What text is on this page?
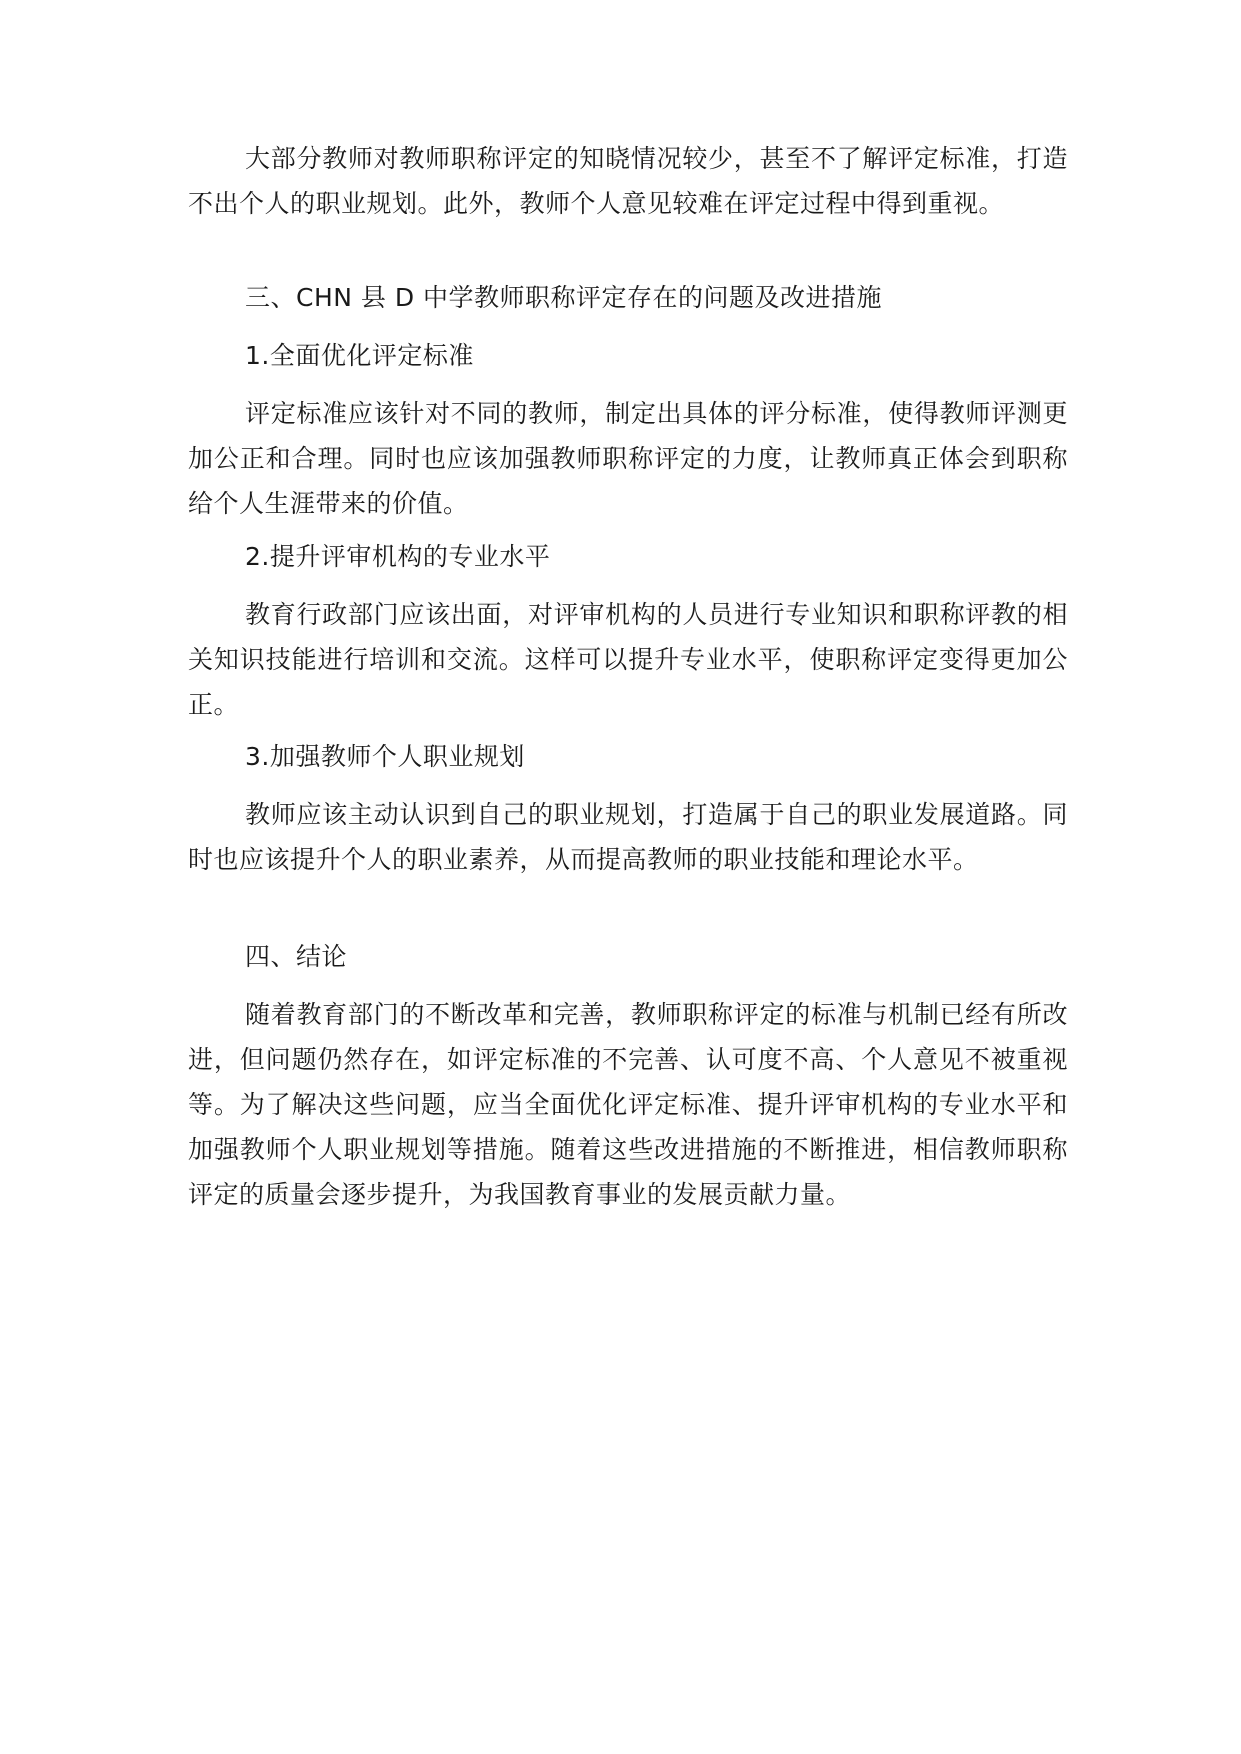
大部分教师对教师职称评定的知晓情况较少，甚至不了解评定标准，打造不出个人的职业规划。此外，教师个人意见较难在评定过程中得到重视。

三、CHN 县 D 中学教师职称评定存在的问题及改进措施

1.全面优化评定标准

评定标准应该针对不同的教师，制定出具体的评分标准，使得教师评测更加公正和合理。同时也应该加强教师职称评定的力度，让教师真正体会到职称给个人生涯带来的价值。

2.提升评审机构的专业水平

教育行政部门应该出面，对评审机构的人员进行专业知识和职称评教的相关知识技能进行培训和交流。这样可以提升专业水平，使职称评定变得更加公正。

3.加强教师个人职业规划

教师应该主动认识到自己的职业规划，打造属于自己的职业发展道路。同时也应该提升个人的职业素养，从而提高教师的职业技能和理论水平。

四、结论

随着教育部门的不断改革和完善，教师职称评定的标准与机制已经有所改进，但问题仍然存在，如评定标准的不完善、认可度不高、个人意见不被重视等。为了解决这些问题，应当全面优化评定标准、提升评审机构的专业水平和加强教师个人职业规划等措施。随着这些改进措施的不断推进，相信教师职称评定的质量会逐步提升，为我国教育事业的发展贡献力量。
